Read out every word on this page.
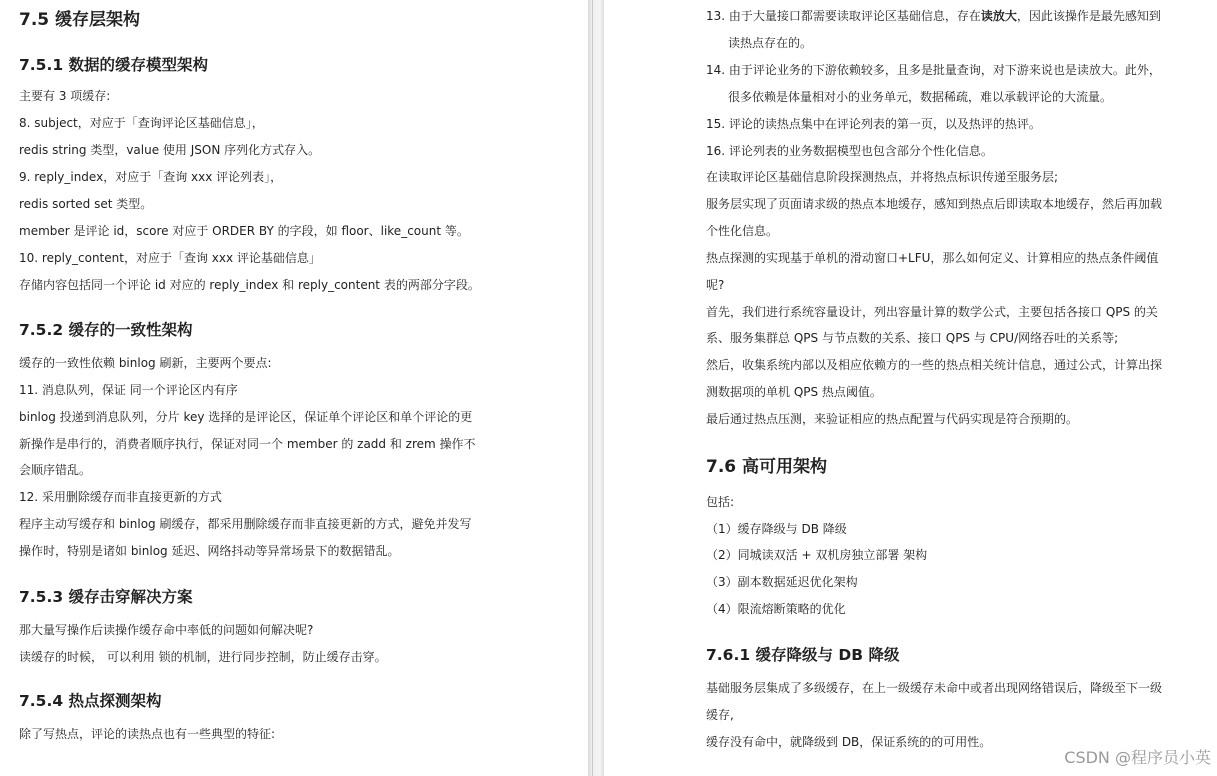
7.5 缓存层架构
7.5.1 数据的缓存模型架构
主要有 3 项缓存:
8. subject，对应于「查询评论区基础信息」，
redis string 类型，value 使用 JSON 序列化方式存入。
9. reply_index，对应于「查询 xxx 评论列表」，
redis sorted set 类型。
member 是评论 id，score 对应于 ORDER BY 的字段，如 floor、like_count 等。
10. reply_content，对应于「查询 xxx 评论基础信息」
存储内容包括同一个评论 id 对应的 reply_index 和 reply_content 表的两部分字段。
7.5.2 缓存的一致性架构
缓存的一致性依赖 binlog 刷新，主要两个要点:
11. 消息队列，保证 同一个评论区内有序
binlog 投递到消息队列，分片 key 选择的是评论区，保证单个评论区和单个评论的更
新操作是串行的，消费者顺序执行，保证对同一个 member 的 zadd 和 zrem 操作不
会顺序错乱。
12. 采用删除缓存而非直接更新的方式
程序主动写缓存和 binlog 刷缓存，都采用删除缓存而非直接更新的方式，避免并发写
操作时，特别是诸如 binlog 延迟、网络抖动等异常场景下的数据错乱。
7.5.3 缓存击穿解决方案
那大量写操作后读操作缓存命中率低的问题如何解决呢?
读缓存的时候， 可以利用 锁的机制，进行同步控制，防止缓存击穿。
7.5.4 热点探测架构
除了写热点，评论的读热点也有一些典型的特征:
13. 由于大量接口都需要读取评论区基础信息，存在读放大，因此该操作是最先感知到
读热点存在的。
14. 由于评论业务的下游依赖较多，且多是批量查询，对下游来说也是读放大。此外，
很多依赖是体量相对小的业务单元，数据稀疏，难以承载评论的大流量。
15. 评论的读热点集中在评论列表的第一页，以及热评的热评。
16. 评论列表的业务数据模型也包含部分个性化信息。
在读取评论区基础信息阶段探测热点，并将热点标识传递至服务层;
服务层实现了页面请求级的热点本地缓存，感知到热点后即读取本地缓存，然后再加载
个性化信息。
热点探测的实现基于单机的滑动窗口+LFU，那么如何定义、计算相应的热点条件阈值
呢?
首先，我们进行系统容量设计，列出容量计算的数学公式，主要包括各接口 QPS 的关
系、服务集群总 QPS 与节点数的关系、接口 QPS 与 CPU/网络吞吐的关系等;
然后，收集系统内部以及相应依赖方的一些的热点相关统计信息，通过公式，计算出探
测数据项的单机 QPS 热点阈值。
最后通过热点压测，来验证相应的热点配置与代码实现是符合预期的。
7.6 高可用架构
包括:
（1）缓存降级与 DB 降级
（2）同城读双活 + 双机房独立部署 架构
（3）副本数据延迟优化架构
（4）限流熔断策略的优化
7.6.1 缓存降级与 DB 降级
基础服务层集成了多级缓存，在上一级缓存未命中或者出现网络错误后，降级至下一级
缓存,
缓存没有命中，就降级到 DB，保证系统的的可用性。
CSDN @程序员小英
